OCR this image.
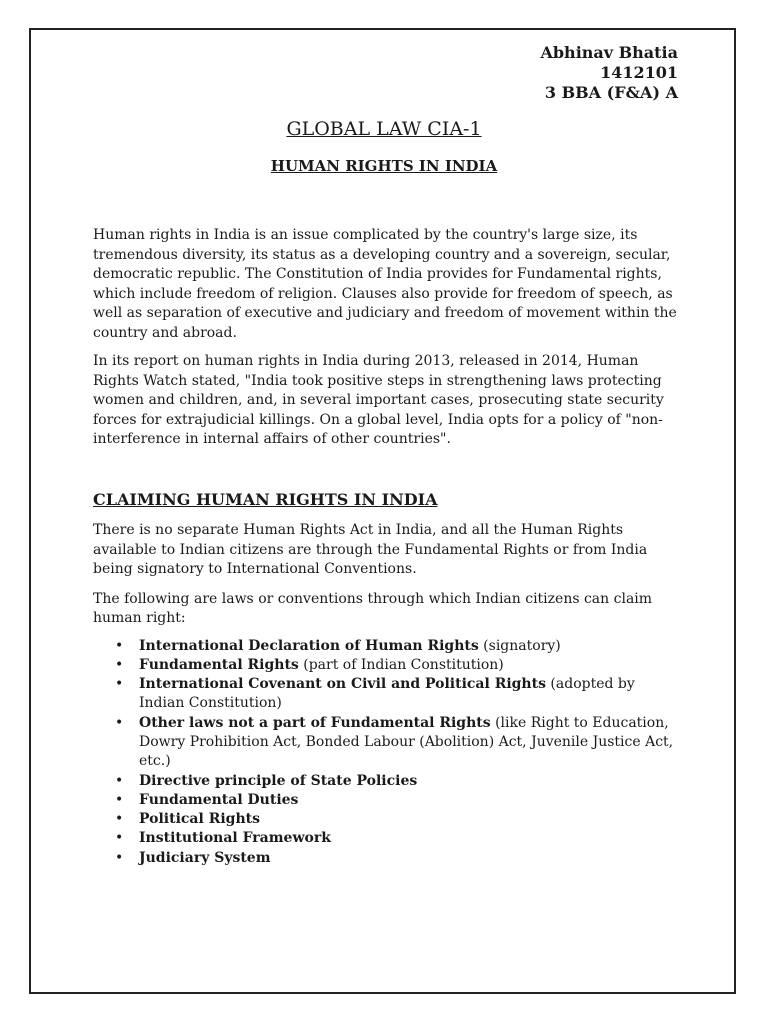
Abhinav Bhatia
1412101
3 BBA (F&A) A
GLOBAL LAW CIA-1
HUMAN RIGHTS IN INDIA

Human rights in India is an issue complicated by the country's large size, its tremendous diversity, its status as a developing country and a sovereign, secular, democratic republic. The Constitution of India provides for Fundamental rights, which include freedom of religion. Clauses also provide for freedom of speech, as well as separation of executive and judiciary and freedom of movement within the country and abroad.

In its report on human rights in India during 2013, released in 2014, Human Rights Watch stated, "India took positive steps in strengthening laws protecting women and children, and, in several important cases, prosecuting state security forces for extrajudicial killings. On a global level, India opts for a policy of "non-interference in internal affairs of other countries".

CLAIMING HUMAN RIGHTS IN INDIA

There is no separate Human Rights Act in India, and all the Human Rights available to Indian citizens are through the Fundamental Rights or from India being signatory to International Conventions.

The following are laws or conventions through which Indian citizens can claim human right:

• International Declaration of Human Rights (signatory)
• Fundamental Rights (part of Indian Constitution)
• International Covenant on Civil and Political Rights (adopted by Indian Constitution)
• Other laws not a part of Fundamental Rights (like Right to Education, Dowry Prohibition Act, Bonded Labour (Abolition) Act, Juvenile Justice Act, etc.)
• Directive principle of State Policies
• Fundamental Duties
• Political Rights
• Institutional Framework
• Judiciary System
